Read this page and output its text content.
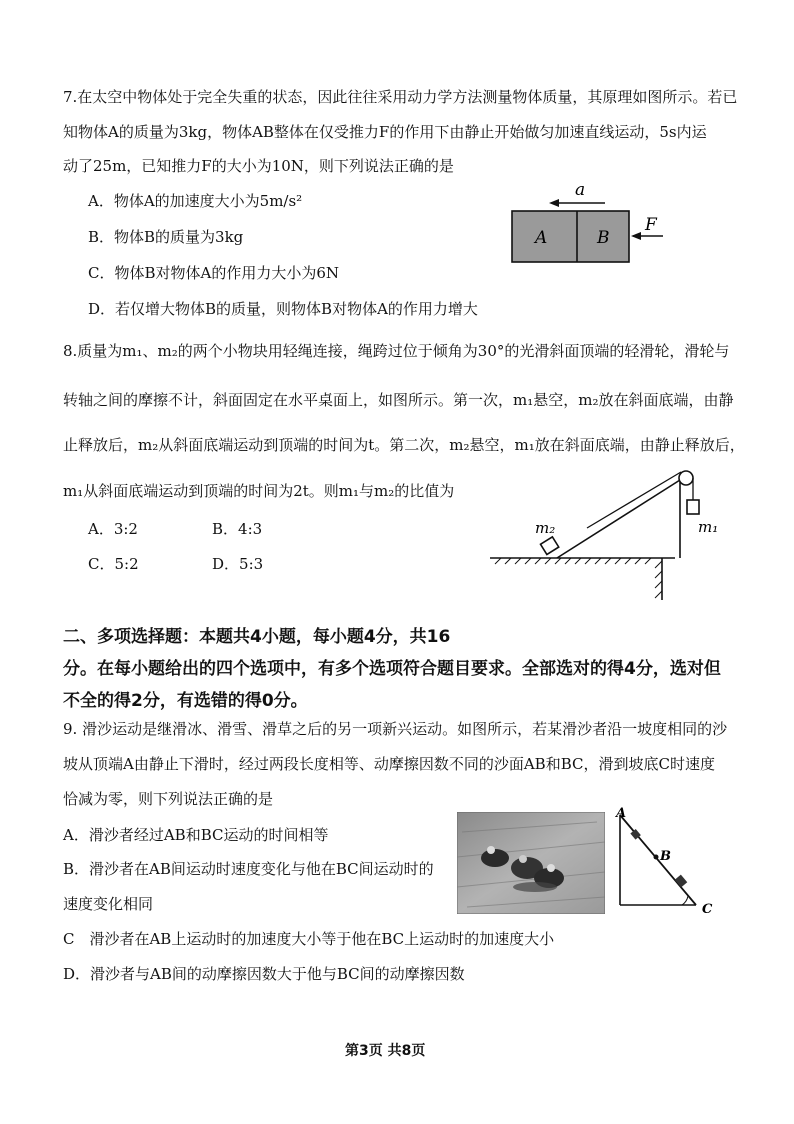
7.在太空中物体处于完全失重的状态，因此往往采用动力学方法测量物体质量，其原理如图所示。若已
知物体A的质量为3kg，物体AB整体在仅受推力F的作用下由静止开始做匀加速直线运动，5s内运
动了25m，已知推力F的大小为10N，则下列说法正确的是
A．物体A的加速度大小为5m/s²
B．物体B的质量为3kg
C．物体B对物体A的作用力大小为6N
D．若仅增大物体B的质量，则物体B对物体A的作用力增大
a
A	B
F
8.质量为m₁、m₂的两个小物块用轻绳连接，绳跨过位于倾角为30°的光滑斜面顶端的轻滑轮，滑轮与
转轴之间的摩擦不计，斜面固定在水平桌面上，如图所示。第一次，m₁悬空，m₂放在斜面底端，由静
止释放后，m₂从斜面底端运动到顶端的时间为t。第二次，m₂悬空，m₁放在斜面底端，由静止释放后，
m₁从斜面底端运动到顶端的时间为2t。则m₁与m₂的比值为
A．3:2	B．4:3
C．5:2	D．5:3
m₁
m₂
二、多项选择题：本题共4小题，每小题4分，共16
分。在每小题给出的四个选项中，有多个选项符合题目要求。全部选对的得4分，选对但
不全的得2分，有选错的得0分。
9. 滑沙运动是继滑冰、滑雪、滑草之后的另一项新兴运动。如图所示，若某滑沙者沿一坡度相同的沙
坡从顶端A由静止下滑时，经过两段长度相等、动摩擦因数不同的沙面AB和BC，滑到坡底C时速度
恰减为零，则下列说法正确的是
A．滑沙者经过AB和BC运动的时间相等
B．滑沙者在AB间运动时速度变化与他在BC间运动时的
速度变化相同
C　滑沙者在AB上运动时的加速度大小等于他在BC上运动时的加速度大小
D．滑沙者与AB间的动摩擦因数大于他与BC间的动摩擦因数
A
B
C
第3页 共8页
